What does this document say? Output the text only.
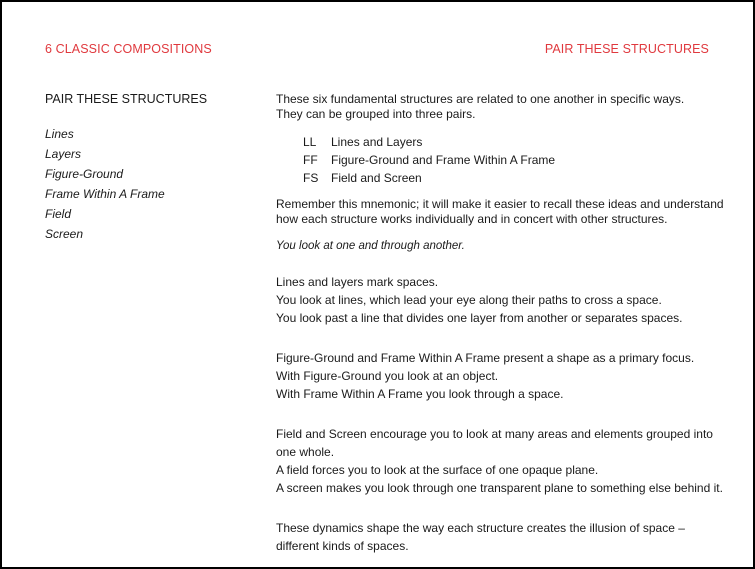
6 CLASSIC COMPOSITIONS	PAIR THESE STRUCTURES
PAIR THESE STRUCTURES
Lines
Layers
Figure-Ground
Frame Within A Frame
Field
Screen

These six fundamental structures are related to one another in specific ways.

They can be grouped into three pairs.

LL Lines and Layers
FF Figure-Ground and Frame Within A Frame
FS Field and Screen

Remember this mnemonic; it will make it easier to recall these ideas and understand

how each structure works individually and in concert with other structures.

You look at one and through another.

Lines and layers mark spaces.
You look at lines, which lead your eye along their paths to cross a space.
You look past a line that divides one layer from another or separates spaces.
Figure-Ground and Frame Within A Frame present a shape as a primary focus.
With Figure-Ground you look at an object.
With Frame Within A Frame you look through a space.
Field and Screen encourage you to look at many areas and elements grouped into one whole.
A field forces you to look at the surface of one opaque plane.
A screen makes you look through one transparent plane to something else behind it.
These dynamics shape the way each structure creates the illusion of space –
different kinds of spaces.
